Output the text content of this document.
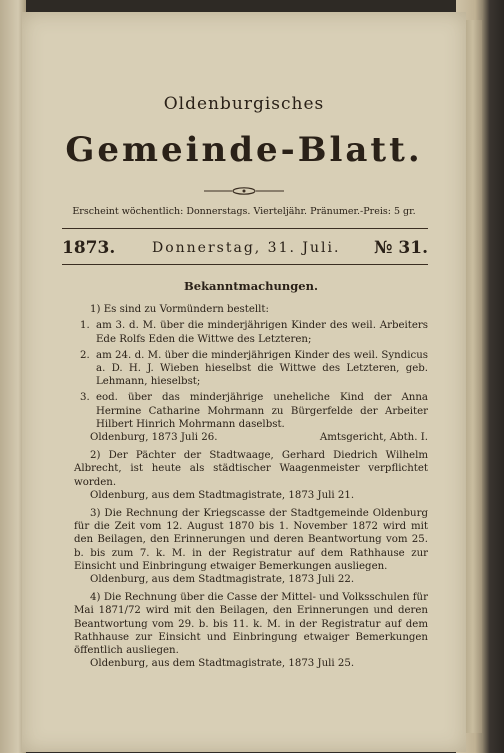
Oldenburgisches
Gemeinde-Blatt.
Erscheint wöchentlich: Donnerstags. Vierteljähr. Pränumer.-Preis: 5 gr.
1873.	Donnerstag, 31. Juli. № 31.
Bekanntmachungen.

1) Es sind zu Vormündern bestellt:

1. am 3. d. M. über die minderjährigen Kinder des weil. Arbeiters Ede Rolfs Eden die Wittwe des Letzteren;

2. am 24. d. M. über die minderjährigen Kinder des weil. Syndicus a. D. H. J. Wieben hieselbst die Wittwe des Letzteren, geb. Lehmann, hieselbst;

3. eod. über das minderjährige uneheliche Kind der Anna Hermine Catharine Mohrmann zu Bürgerfelde der Arbeiter Hilbert Hinrich Mohrmann daselbst.

Oldenburg, 1873 Juli 26.	Amtsgericht, Abth. I.

2) Der Pächter der Stadtwaage, Gerhard Diedrich Wilhelm Albrecht, ist heute als städtischer Waagenmeister verpflichtet worden.

Oldenburg, aus dem Stadtmagistrate, 1873 Juli 21.

3) Die Rechnung der Kriegscasse der Stadtgemeinde Oldenburg für die Zeit vom 12. August 1870 bis 1. November 1872 wird mit den Beilagen, den Erinnerungen und deren Beantwortung vom 25. b. bis zum 7. k. M. in der Registratur auf dem Rathhause zur Einsicht und Einbringung etwaiger Bemerkungen ausliegen.

Oldenburg, aus dem Stadtmagistrate, 1873 Juli 22.

4) Die Rechnung über die Casse der Mittel- und Volksschulen für Mai 1871/72 wird mit den Beilagen, den Erinnerungen und deren Beantwortung vom 29. b. bis 11. k. M. in der Registratur auf dem Rathhause zur Einsicht und Einbringung etwaiger Bemerkungen öffentlich ausliegen.

Oldenburg, aus dem Stadtmagistrate, 1873 Juli 25.
